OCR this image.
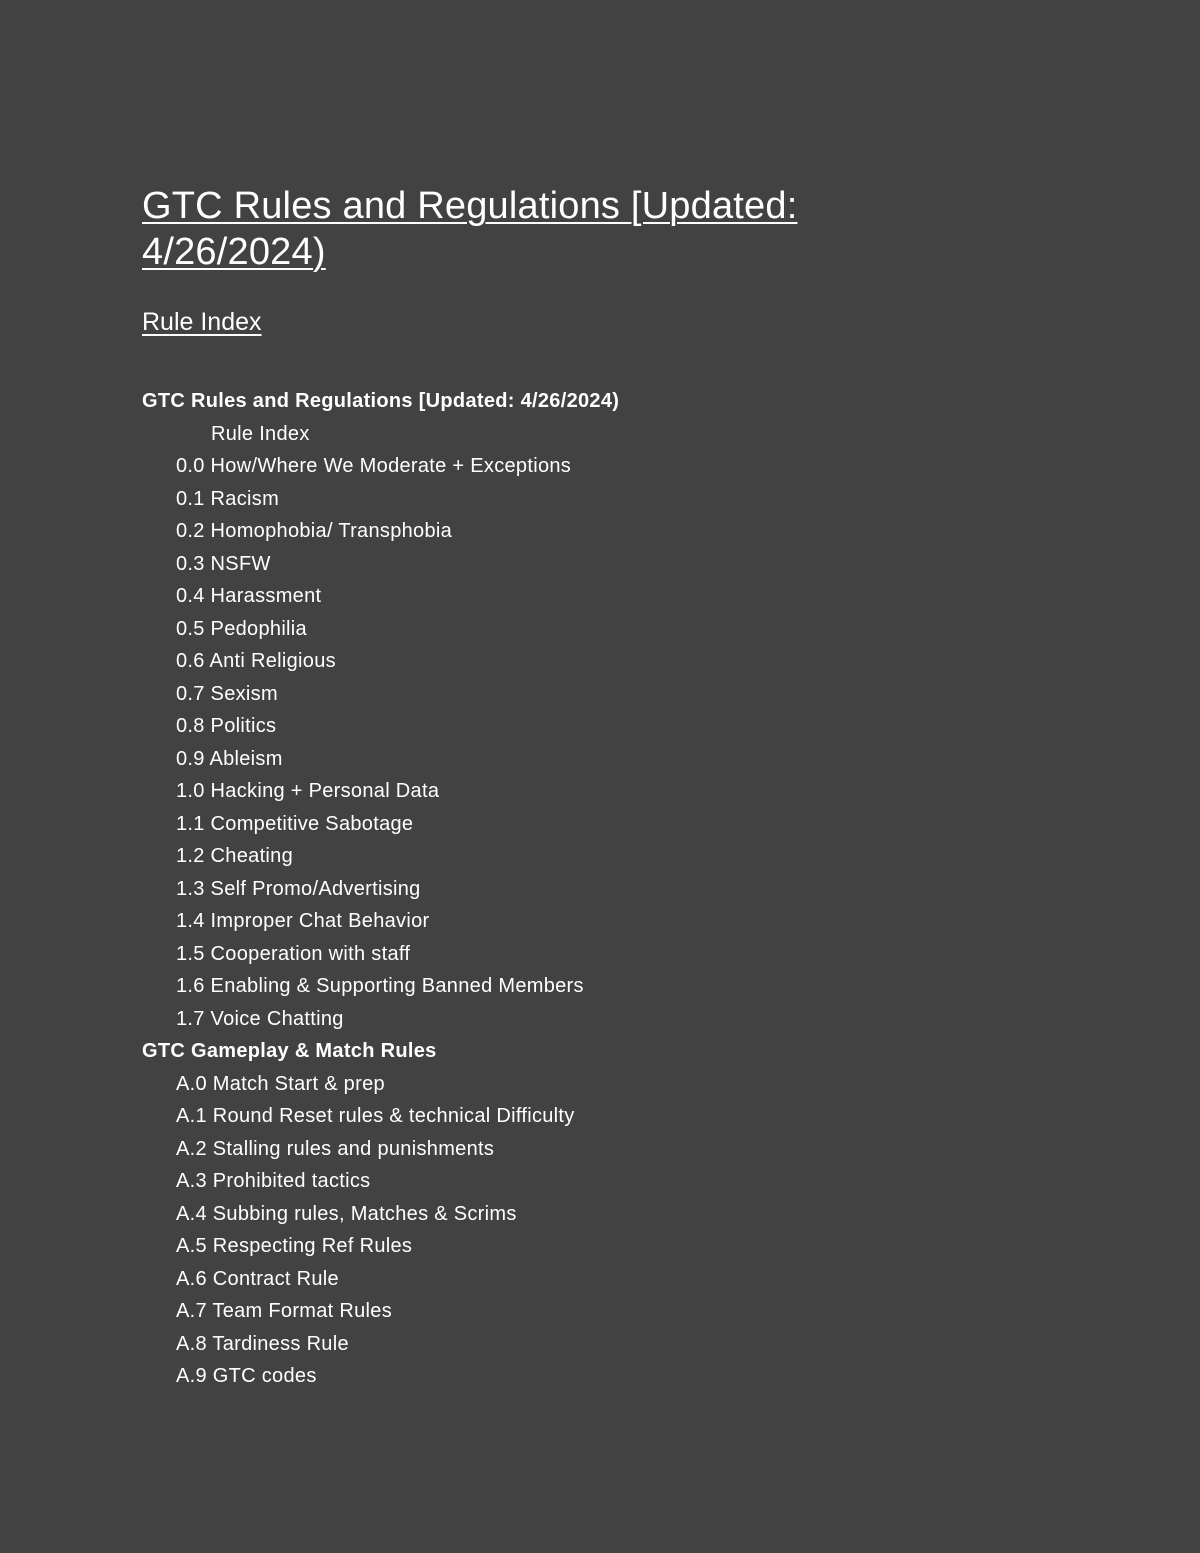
GTC Rules and Regulations [Updated: 4/26/2024)
Rule Index
GTC Rules and Regulations [Updated: 4/26/2024)
Rule Index
0.0 How/Where We Moderate + Exceptions
0.1 Racism
0.2 Homophobia/ Transphobia
0.3 NSFW
0.4 Harassment
0.5 Pedophilia
0.6 Anti Religious
0.7 Sexism
0.8 Politics
0.9 Ableism
1.0 Hacking + Personal Data
1.1 Competitive Sabotage
1.2 Cheating
1.3 Self Promo/Advertising
1.4 Improper Chat Behavior
1.5 Cooperation with staff
1.6 Enabling & Supporting Banned Members
1.7 Voice Chatting
GTC Gameplay & Match Rules
A.0 Match Start & prep
A.1 Round Reset rules & technical Difficulty
A.2 Stalling rules and punishments
A.3 Prohibited tactics
A.4 Subbing rules, Matches & Scrims
A.5 Respecting Ref Rules
A.6 Contract Rule
A.7 Team Format Rules
A.8 Tardiness Rule
A.9 GTC codes
